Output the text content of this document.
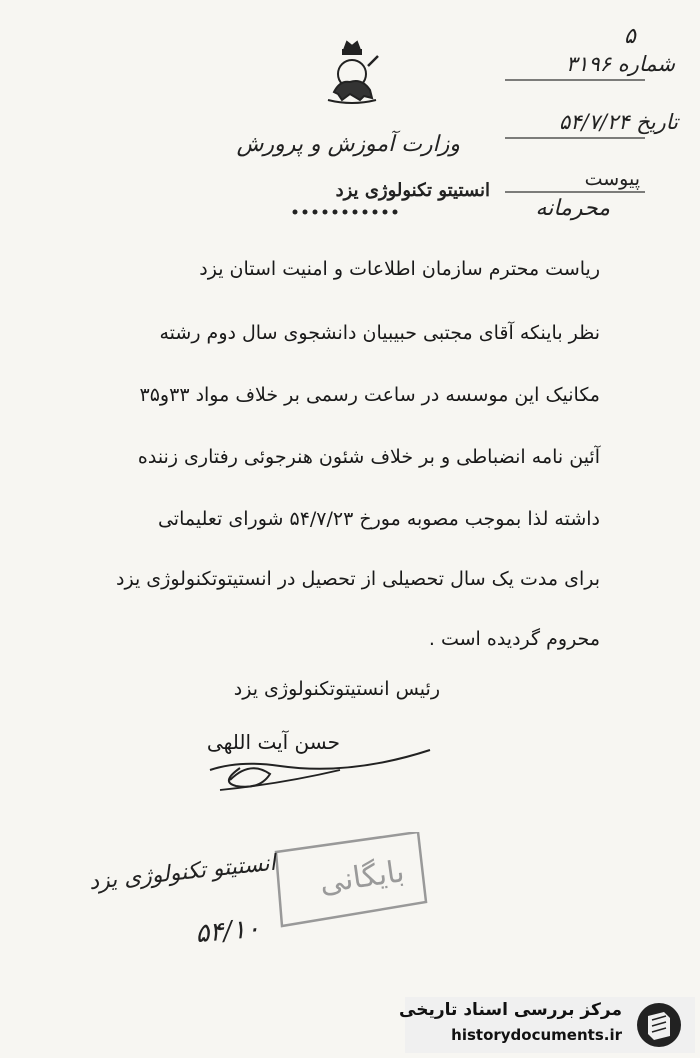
وزارت آموزش و پرورش
انستیتو تکنولوژی یزد
۵
شماره ۳۱۹۶
تاریخ ۵۴/۷/۲۴
پیوست
محرمانه
ریاست محترم سازمان اطلاعات و امنیت استان یزد
نظر باینکه آقای مجتبی حبیبیان دانشجوی سال دوم رشته
مکانیک این موسسه در ساعت رسمی بر خلاف مواد ۳۳و۳۵
آئین نامه انضباطی و بر خلاف شئون هنرجوئی رفتاری زننده
داشته لذا بموجب مصوبه مورخ ۵۴/۷/۲۳ شورای تعلیماتی
برای مدت یک سال تحصیلی از تحصیل در انستیتوتکنولوژی یزد
محروم گردیده است .
رئیس انستیتوتکنولوژی یزد
حسن آیت اللهی
بایگانی
انستیتو تکنولوژی یزد
۵۴/۱۰
مرکز بررسی اسناد تاریخی
historydocuments.ir
